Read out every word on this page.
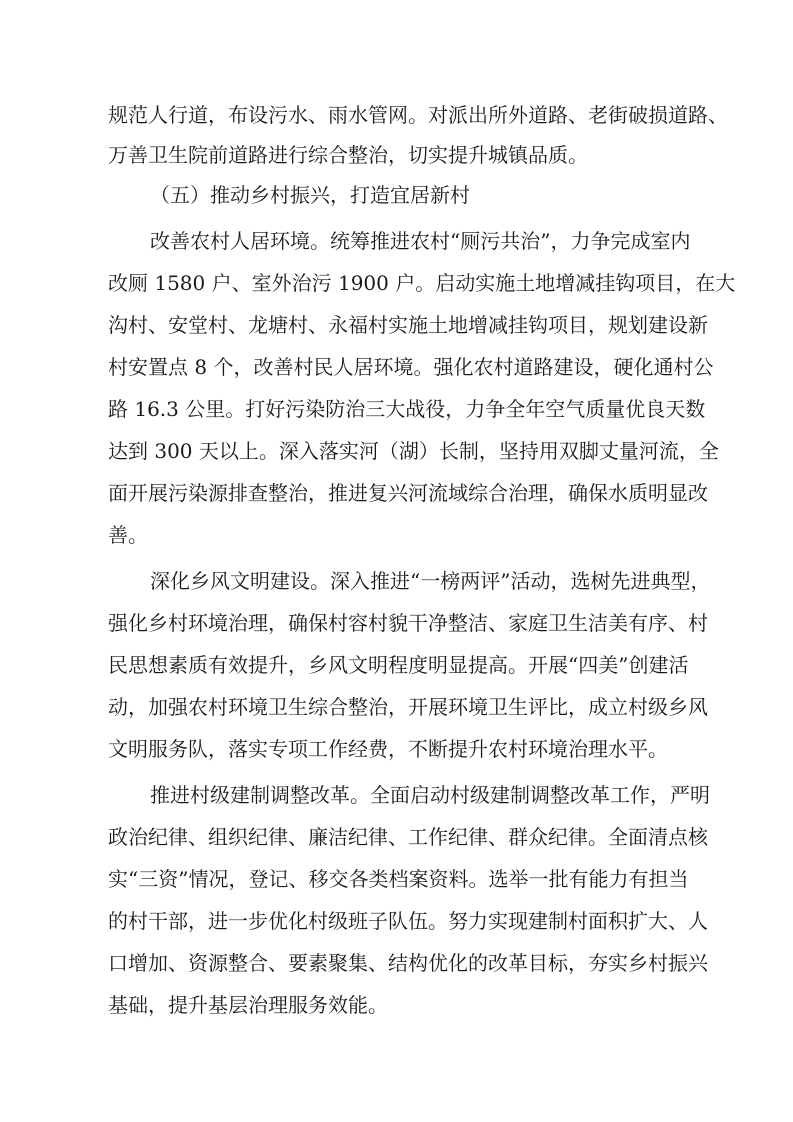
规范人行道，布设污水、雨水管网。对派出所外道路、老街破损道路、
万善卫生院前道路进行综合整治，切实提升城镇品质。
（五）推动乡村振兴，打造宜居新村
改善农村人居环境。统筹推进农村“厕污共治”，力争完成室内
改厕 1580 户、室外治污 1900 户。启动实施土地增减挂钩项目，在大
沟村、安堂村、龙塘村、永福村实施土地增减挂钩项目，规划建设新
村安置点 8 个，改善村民人居环境。强化农村道路建设，硬化通村公
路 16.3 公里。打好污染防治三大战役，力争全年空气质量优良天数
达到 300 天以上。深入落实河（湖）长制，坚持用双脚丈量河流，全
面开展污染源排查整治，推进复兴河流域综合治理，确保水质明显改
善。
深化乡风文明建设。深入推进“一榜两评”活动，选树先进典型，
强化乡村环境治理，确保村容村貌干净整洁、家庭卫生洁美有序、村
民思想素质有效提升，乡风文明程度明显提高。开展“四美”创建活
动，加强农村环境卫生综合整治，开展环境卫生评比，成立村级乡风
文明服务队，落实专项工作经费，不断提升农村环境治理水平。
推进村级建制调整改革。全面启动村级建制调整改革工作，严明
政治纪律、组织纪律、廉洁纪律、工作纪律、群众纪律。全面清点核
实“三资”情况，登记、移交各类档案资料。选举一批有能力有担当
的村干部，进一步优化村级班子队伍。努力实现建制村面积扩大、人
口增加、资源整合、要素聚集、结构优化的改革目标，夯实乡村振兴
基础，提升基层治理服务效能。
